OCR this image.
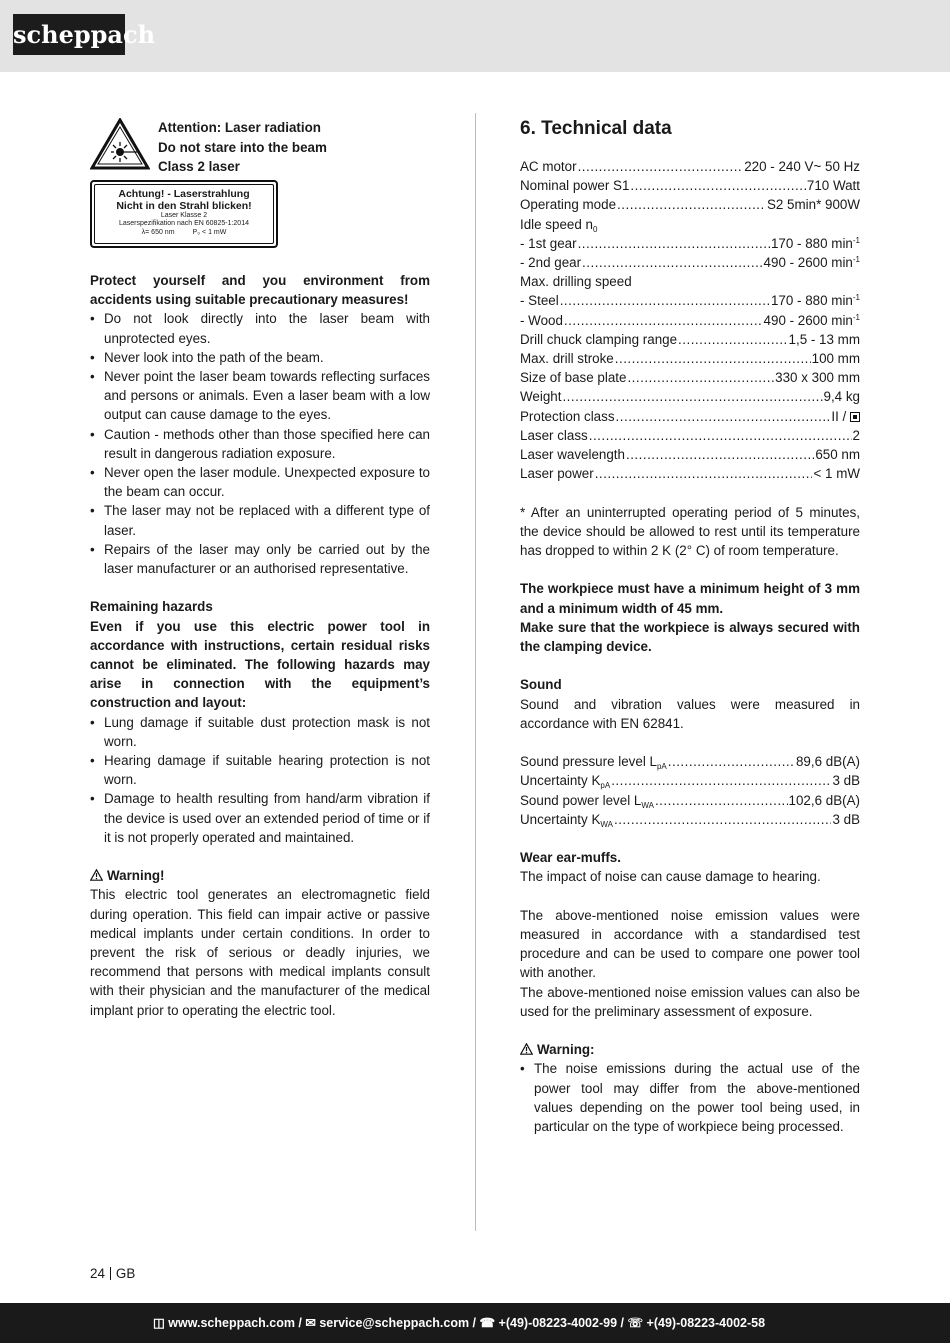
scheppach
Attention: Laser radiation
Do not stare into the beam
Class 2 laser
Achtung! - Laserstrahlung
Nicht in den Strahl blicken!
Laser Klasse 2
Laserspezifikation nach EN 60825-1:2014
λ= 650 nm	P₀ < 1 mW

Protect yourself and you environment from accidents using suitable precautionary measures!

• Do not look directly into the laser beam with unprotected eyes.
• Never look into the path of the beam.
• Never point the laser beam towards reflecting surfaces and persons or animals. Even a laser beam with a low output can cause damage to the eyes.
• Caution - methods other than those specified here can result in dangerous radiation exposure.
• Never open the laser module. Unexpected exposure to the beam can occur.
• The laser may not be replaced with a different type of laser.
• Repairs of the laser may only be carried out by the laser manufacturer or an authorised representative.

Remaining hazards

Even if you use this electric power tool in accordance with instructions, certain residual risks cannot be eliminated. The following hazards may arise in connection with the equipment’s construction and layout:

• Lung damage if suitable dust protection mask is not worn.
• Hearing damage if suitable hearing protection is not worn.
• Damage to health resulting from hand/arm vibration if the device is used over an extended period of time or if it is not properly operated and maintained.

Warning!

This electric tool generates an electromagnetic field during operation. This field can impair active or passive medical implants under certain conditions. In order to prevent the risk of serious or deadly injuries, we recommend that persons with medical implants consult with their physician and the manufacturer of the medical implant prior to operating the electric tool.

6. Technical data
AC motor .....	220 - 240 V~ 50 Hz
Nominal power S1 .....	710 Watt
Operating mode .....	S2 5min* 900W
Idle speed $n_0$
- 1st gear .....	170 - 880 $\min^{-1}$
- 2nd gear .....	490 - 2600 $\min^{-1}$
Max. drilling speed
- Steel .....	170 - 880 $\min^{-1}$
- Wood .....	490 - 2600 $\min^{-1}$
Drill chuck clamping range .....	1,5 - 13 mm
Max. drill stroke .....	100 mm
Size of base plate .....	330 x 300 mm
Weight .....	9,4 kg
Protection class .....	II /
Laser class .....	2
Laser wavelength .....	650 nm
Laser power .....	< 1 mW

* After an uninterrupted operating period of 5 minutes, the device should be allowed to rest until its temperature has dropped to within 2 K (2° C) of room temperature.

The workpiece must have a minimum height of 3 mm and a minimum width of 45 mm.

Make sure that the workpiece is always secured with the clamping device.

Sound

Sound and vibration values were measured in accordance with EN 62841.

Sound pressure level $L_{pA}$ .....	89,6 dB(A)
Uncertainty $K_{pA}$ .....	3 dB
Sound power level $L_{WA}$ .....	102,6 dB(A)
Uncertainty $K_{WA}$ .....	3 dB

Wear ear-muffs.

The impact of noise can cause damage to hearing.

The above-mentioned noise emission values were measured in accordance with a standardised test procedure and can be used to compare one power tool with another.

The above-mentioned noise emission values can also be used for the preliminary assessment of exposure.

Warning:

• The noise emissions during the actual use of the power tool may differ from the above-mentioned values depending on the power tool being used, in particular on the type of workpiece being processed.
24 GB
◫ www.scheppach.com / ✉ service@scheppach.com / ☎ +(49)-08223-4002-99 / ☏ +(49)-08223-4002-58
